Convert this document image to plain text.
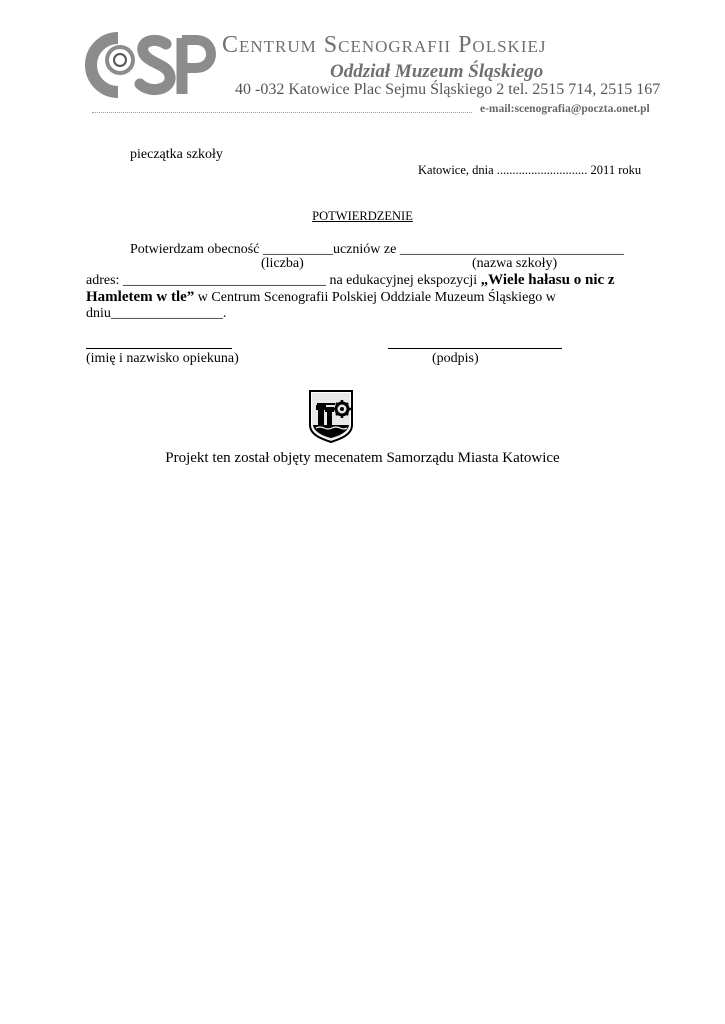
Centrum Scenografii Polskiej
Oddział Muzeum Śląskiego
40 -032 Katowice Plac Sejmu Śląskiego 2 tel. 2515 714, 2515 167
e-mail:scenografia@poczta.onet.pl
pieczątka szkoły
Katowice, dnia ............................. 2011 roku
POTWIERDZENIE
Potwierdzam obecność __________uczniów ze ________________________________
(liczba)	(nazwa szkoły)
adres: _____________________________ na edukacyjnej ekspozycji „Wiele hałasu o nic z
Hamletem w tle” w Centrum Scenografii Polskiej Oddziale Muzeum Śląskiego w
dniu________________.
(imię i nazwisko opiekuna)	(podpis)
Projekt ten został objęty mecenatem Samorządu Miasta Katowice
